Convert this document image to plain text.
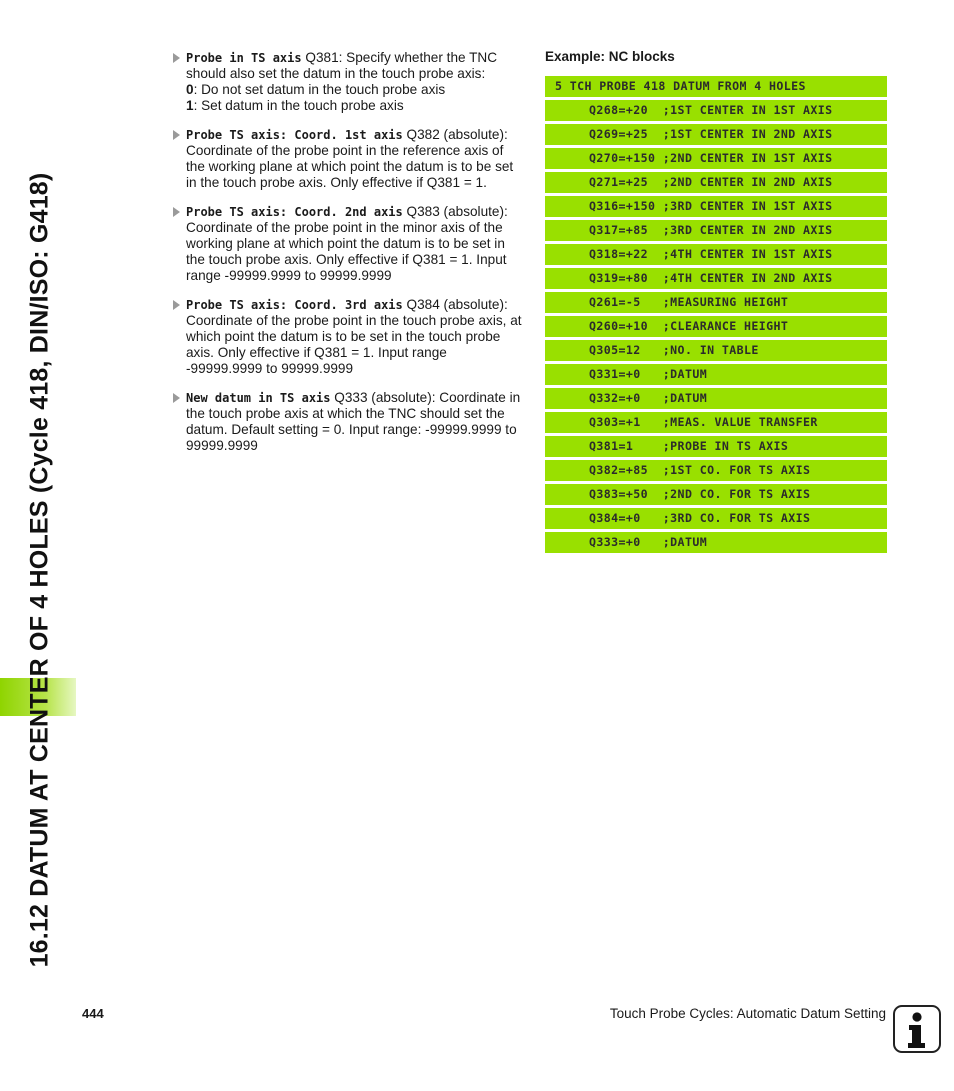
16.12 DATUM AT CENTER OF 4 HOLES (Cycle 418, DIN/ISO: G418)
Probe in TS axis Q381: Specify whether the TNC should also set the datum in the touch probe axis:
0: Do not set datum in the touch probe axis
1: Set datum in the touch probe axis
Probe TS axis: Coord. 1st axis Q382 (absolute): Coordinate of the probe point in the reference axis of the working plane at which point the datum is to be set in the touch probe axis. Only effective if Q381 = 1.
Probe TS axis: Coord. 2nd axis Q383 (absolute): Coordinate of the probe point in the minor axis of the working plane at which point the datum is to be set in the touch probe axis. Only effective if Q381 = 1. Input range -99999.9999 to 99999.9999
Probe TS axis: Coord. 3rd axis Q384 (absolute): Coordinate of the probe point in the touch probe axis, at which point the datum is to be set in the touch probe axis. Only effective if Q381 = 1. Input range -99999.9999 to 99999.9999
New datum in TS axis Q333 (absolute): Coordinate in the touch probe axis at which the TNC should set the datum. Default setting = 0. Input range: -99999.9999 to 99999.9999
Example: NC blocks
5 TCH PROBE 418 DATUM FROM 4 HOLES
Q268=+20  ;1ST CENTER IN 1ST AXIS
Q269=+25  ;1ST CENTER IN 2ND AXIS
Q270=+150 ;2ND CENTER IN 1ST AXIS
Q271=+25  ;2ND CENTER IN 2ND AXIS
Q316=+150 ;3RD CENTER IN 1ST AXIS
Q317=+85  ;3RD CENTER IN 2ND AXIS
Q318=+22  ;4TH CENTER IN 1ST AXIS
Q319=+80  ;4TH CENTER IN 2ND AXIS
Q261=-5   ;MEASURING HEIGHT
Q260=+10  ;CLEARANCE HEIGHT
Q305=12   ;NO. IN TABLE
Q331=+0   ;DATUM
Q332=+0   ;DATUM
Q303=+1   ;MEAS. VALUE TRANSFER
Q381=1    ;PROBE IN TS AXIS
Q382=+85  ;1ST CO. FOR TS AXIS
Q383=+50  ;2ND CO. FOR TS AXIS
Q384=+0   ;3RD CO. FOR TS AXIS
Q333=+0   ;DATUM
444	Touch Probe Cycles: Automatic Datum Setting
